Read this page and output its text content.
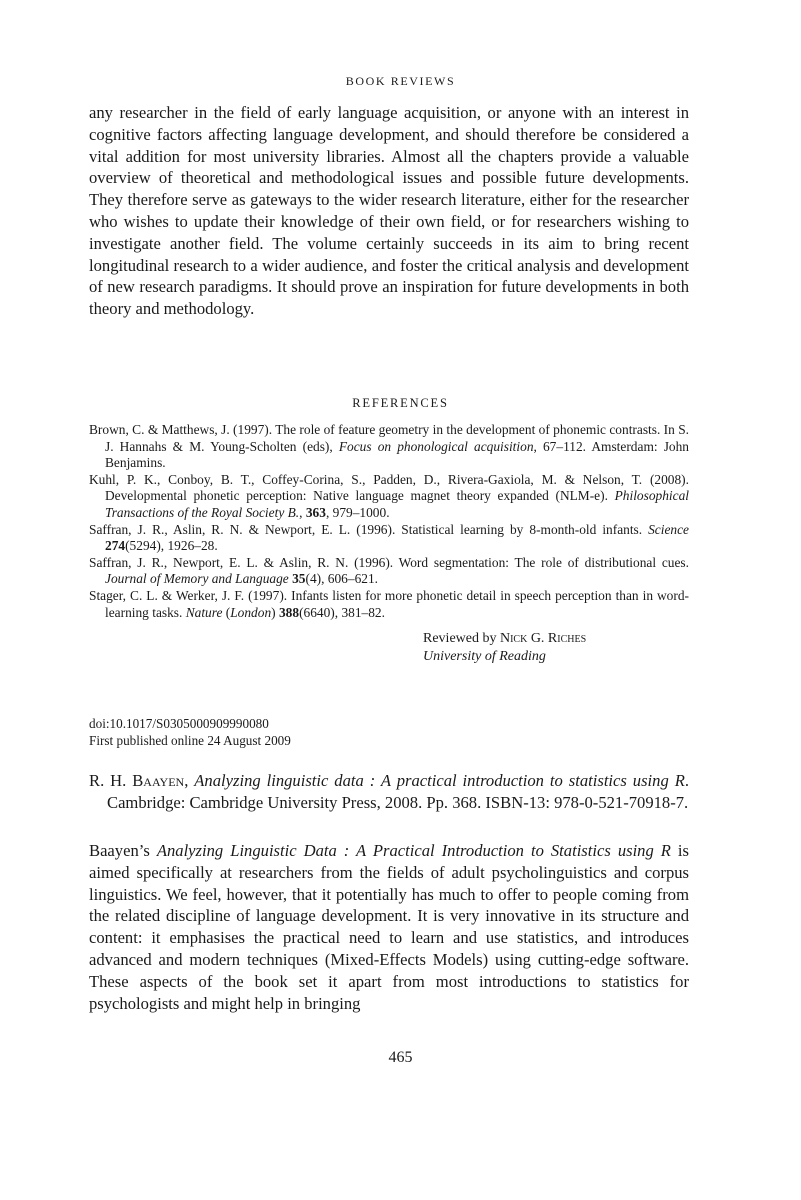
BOOK REVIEWS

any researcher in the field of early language acquisition, or anyone with an interest in cognitive factors affecting language development, and should therefore be considered a vital addition for most university libraries. Almost all the chapters provide a valuable overview of theoretical and methodological issues and possible future developments. They therefore serve as gateways to the wider research literature, either for the researcher who wishes to update their knowledge of their own field, or for researchers wishing to investigate another field. The volume certainly succeeds in its aim to bring recent longitudinal research to a wider audience, and foster the critical analysis and development of new research paradigms. It should prove an inspiration for future developments in both theory and methodology.

REFERENCES

Brown, C. & Matthews, J. (1997). The role of feature geometry in the development of phonemic contrasts. In S. J. Hannahs & M. Young-Scholten (eds), Focus on phonological acquisition, 67–112. Amsterdam: John Benjamins.

Kuhl, P. K., Conboy, B. T., Coffey-Corina, S., Padden, D., Rivera-Gaxiola, M. & Nelson, T. (2008). Developmental phonetic perception: Native language magnet theory expanded (NLM-e). Philosophical Transactions of the Royal Society B., 363, 979–1000.

Saffran, J. R., Aslin, R. N. & Newport, E. L. (1996). Statistical learning by 8-month-old infants. Science 274(5294), 1926–28.

Saffran, J. R., Newport, E. L. & Aslin, R. N. (1996). Word segmentation: The role of distributional cues. Journal of Memory and Language 35(4), 606–621.

Stager, C. L. & Werker, J. F. (1997). Infants listen for more phonetic detail in speech perception than in word-learning tasks. Nature (London) 388(6640), 381–82.

Reviewed by Nick G. Riches
University of Reading
doi:10.1017/S0305000909990080
First published online 24 August 2009

R. H. Baayen, Analyzing linguistic data : A practical introduction to statistics using R. Cambridge: Cambridge University Press, 2008. Pp. 368. ISBN-13: 978-0-521-70918-7.

Baayen’s Analyzing Linguistic Data : A Practical Introduction to Statistics using R is aimed specifically at researchers from the fields of adult psycholinguistics and corpus linguistics. We feel, however, that it potentially has much to offer to people coming from the related discipline of language development. It is very innovative in its structure and content: it emphasises the practical need to learn and use statistics, and introduces advanced and modern techniques (Mixed-Effects Models) using cutting-edge software. These aspects of the book set it apart from most introductions to statistics for psychologists and might help in bringing

465
